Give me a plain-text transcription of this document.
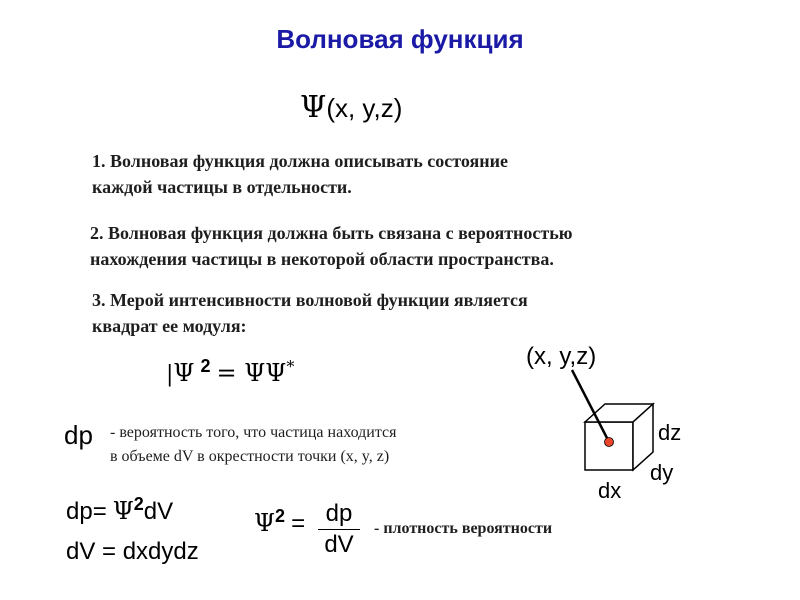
Волновая функция
Ψ(x, y,z)
1. Волновая функция должна описывать состояние
каждой частицы в отдельности.
2. Волновая функция должна быть связана с вероятностью
нахождения частицы в некоторой области пространства.
3. Мерой интенсивности волновой функции является
квадрат ее модуля:
|Ψ $^2$ = ΨΨ*
dp - вероятность того, что частица находится
в объеме dV в окрестности точки (x, y, z)
$dp= \Psi^2dV$
dV = dxdydz
$\Psi^2$ = dp
dV
- плотность вероятности
(x, y,z)
dz
dy
dx
